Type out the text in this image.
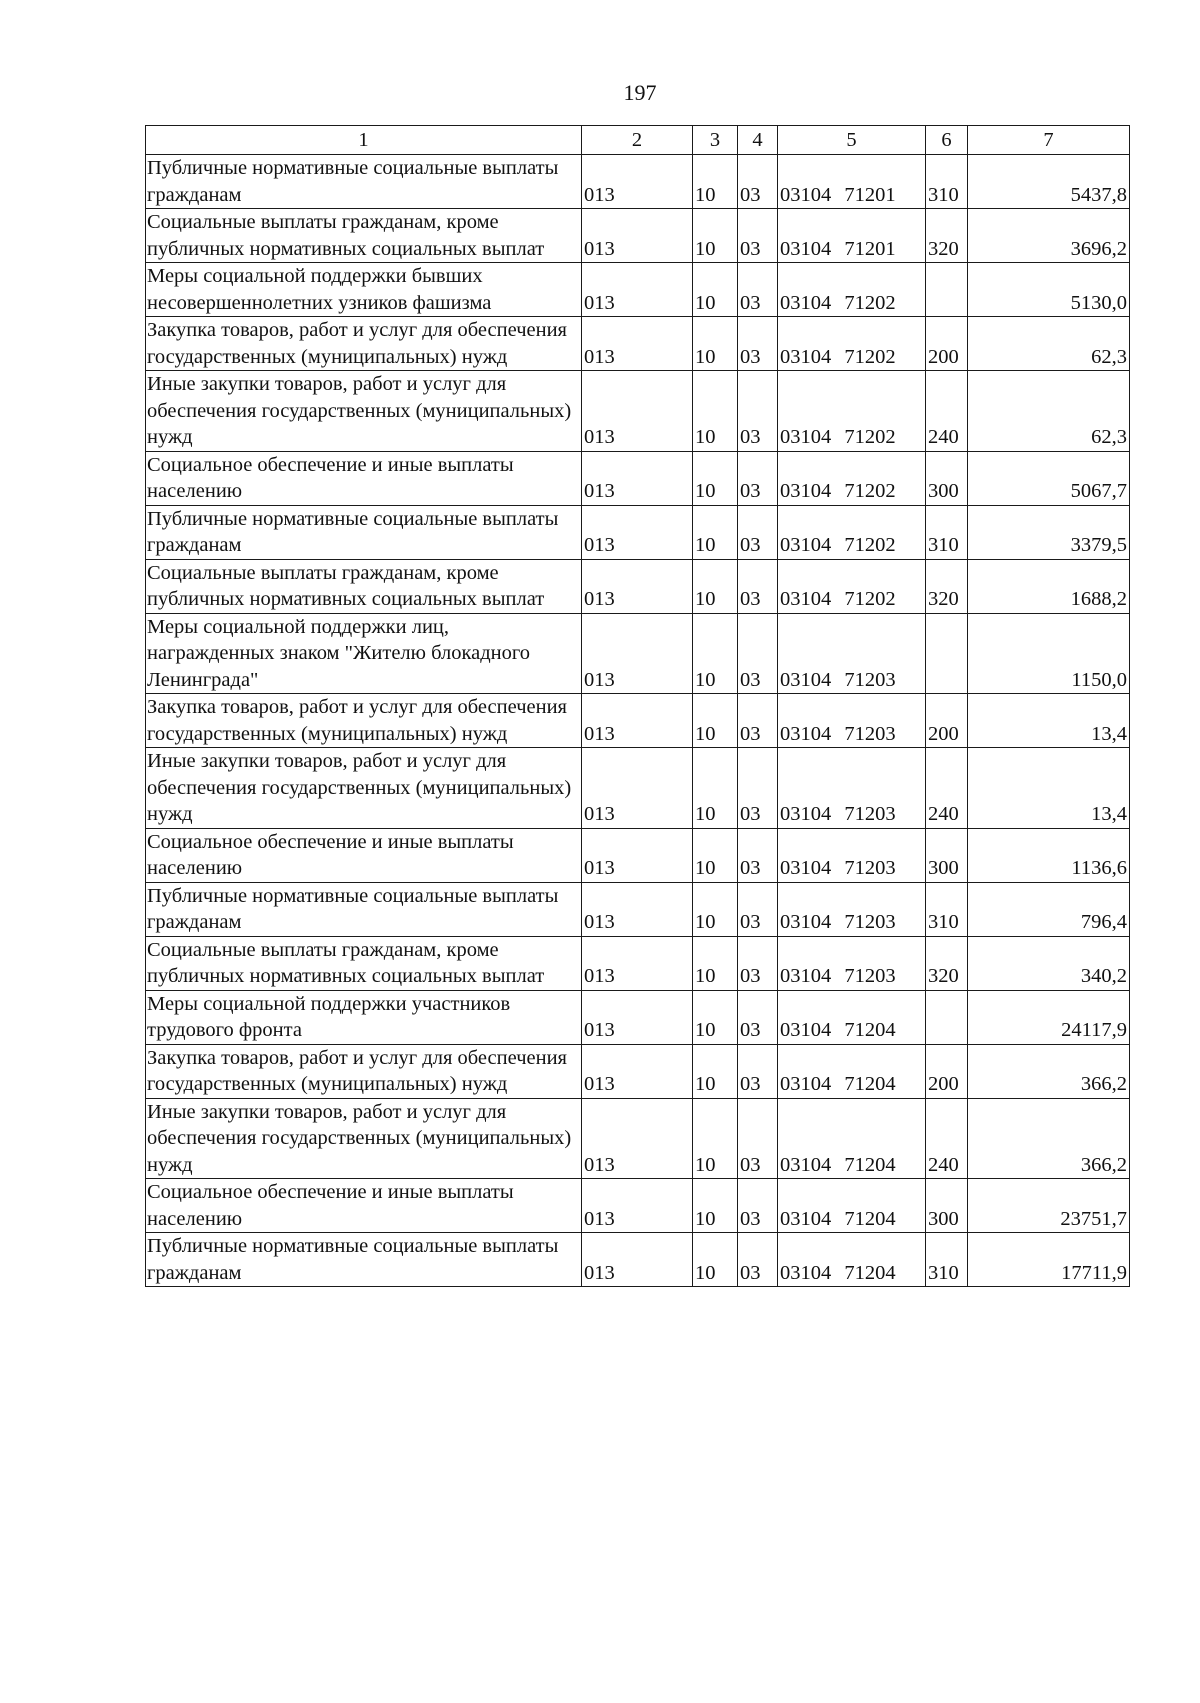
197
1	2	3	4	5	6	7
Публичные нормативные социальные выплаты гражданам	013	10	03	03104 71201	310	5437,8
Социальные выплаты гражданам, кроме публичных нормативных социальных выплат	013	10	03	03104 71201	320	3696,2
Меры социальной поддержки бывших несовершеннолетних узников фашизма	013	10	03	03104 71202		5130,0
Закупка товаров, работ и услуг для обеспечения государственных (муниципальных) нужд	013	10	03	03104 71202	200	62,3
Иные закупки товаров, работ и услуг для обеспечения государственных (муниципальных) нужд	013	10	03	03104 71202	240	62,3
Социальное обеспечение и иные выплаты населению	013	10	03	03104 71202	300	5067,7
Публичные нормативные социальные выплаты гражданам	013	10	03	03104 71202	310	3379,5
Социальные выплаты гражданам, кроме публичных нормативных социальных выплат	013	10	03	03104 71202	320	1688,2
Меры социальной поддержки лиц, награжденных знаком "Жителю блокадного Ленинграда"	013	10	03	03104 71203		1150,0
Закупка товаров, работ и услуг для обеспечения государственных (муниципальных) нужд	013	10	03	03104 71203	200	13,4
Иные закупки товаров, работ и услуг для обеспечения государственных (муниципальных) нужд	013	10	03	03104 71203	240	13,4
Социальное обеспечение и иные выплаты населению	013	10	03	03104 71203	300	1136,6
Публичные нормативные социальные выплаты гражданам	013	10	03	03104 71203	310	796,4
Социальные выплаты гражданам, кроме публичных нормативных социальных выплат	013	10	03	03104 71203	320	340,2
Меры социальной поддержки участников трудового фронта	013	10	03	03104 71204		24117,9
Закупка товаров, работ и услуг для обеспечения государственных (муниципальных) нужд	013	10	03	03104 71204	200	366,2
Иные закупки товаров, работ и услуг для обеспечения государственных (муниципальных) нужд	013	10	03	03104 71204	240	366,2
Социальное обеспечение и иные выплаты населению	013	10	03	03104 71204	300	23751,7
Публичные нормативные социальные выплаты гражданам	013	10	03	03104 71204	310	17711,9
